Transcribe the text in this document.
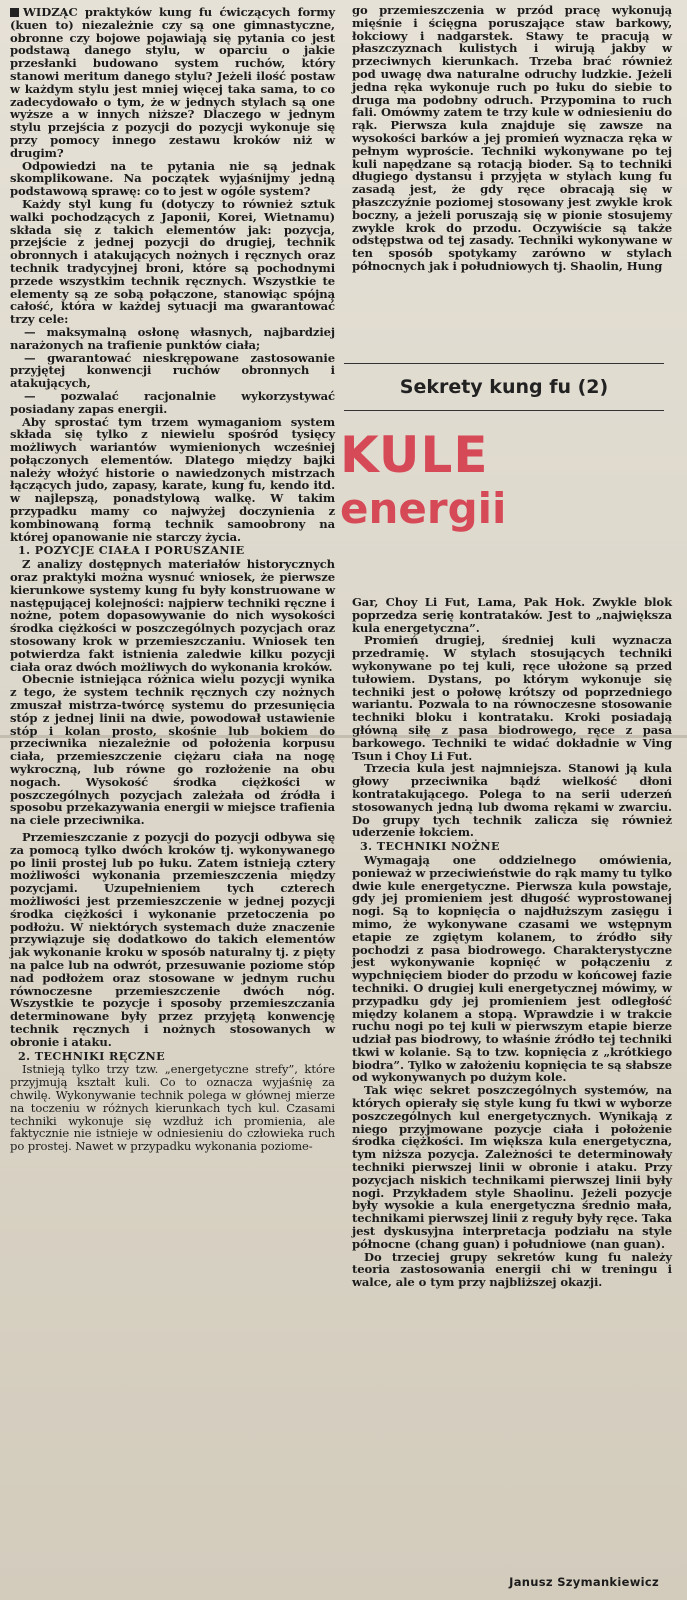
WIDZĄC praktyków kung fu ćwiczących formy (kuen to) niezależnie czy są one gimnastyczne, obronne czy bojowe pojawiają się pytania co jest podstawą danego stylu, w oparciu o jakie przesłanki budowano system ruchów, który stanowi meritum danego stylu? Jeżeli ilość postaw w każdym stylu jest mniej więcej taka sama, to co zadecydowało o tym, że w jednych stylach są one wyższe a w innych niższe? Dlaczego w jednym stylu przejścia z pozycji do pozycji wykonuje się przy pomocy innego zestawu kroków niż w drugim?

Odpowiedzi na te pytania nie są jednak skomplikowane. Na początek wyjaśnijmy jedną podstawową sprawę: co to jest w ogóle system?

Każdy styl kung fu (dotyczy to również sztuk walki pochodzących z Japonii, Korei, Wietnamu) składa się z takich elementów jak: pozycja, przejście z jednej pozycji do drugiej, technik obronnych i atakujących nożnych i ręcznych oraz technik tradycyjnej broni, które są pochodnymi przede wszystkim technik ręcznych. Wszystkie te elementy są ze sobą połączone, stanowiąc spójną całość, która w każdej sytuacji ma gwarantować trzy cele:

— maksymalną osłonę własnych, najbardziej narażonych na trafienie punktów ciała;

— gwarantować nieskrępowane zastosowanie przyjętej konwencji ruchów obronnych i atakujących,

— pozwalać racjonalnie wykorzystywać posiadany zapas energii.

Aby sprostać tym trzem wymaganiom system składa się tylko z niewielu spośród tysięcy możliwych wariantów wymienionych wcześniej połączonych elementów. Dlatego między bajki należy włożyć historie o nawiedzonych mistrzach łączących judo, zapasy, karate, kung fu, kendo itd. w najlepszą, ponadstylową walkę. W takim przypadku mamy co najwyżej doczynienia z kombinowaną formą technik samoobrony na której opanowanie nie starczy życia.

1. POZYCJE CIAŁA I PORUSZANIE

Z analizy dostępnych materiałów historycznych oraz praktyki można wysnuć wniosek, że pierwsze kierunkowe systemy kung fu były konstruowane w następującej kolejności: najpierw techniki ręczne i nożne, potem dopasowywanie do nich wysokości środka ciężkości w poszczególnych pozycjach oraz stosowany krok w przemieszczaniu. Wniosek ten potwierdza fakt istnienia zaledwie kilku pozycji ciała oraz dwóch możliwych do wykonania kroków.

Obecnie istniejąca różnica wielu pozycji wynika z tego, że system technik ręcznych czy nożnych zmuszał mistrza-twórcę systemu do przesunięcia stóp z jednej linii na dwie, powodował ustawienie stóp i kolan prosto, skośnie lub bokiem do przeciwnika niezależnie od położenia korpusu ciała, przemieszczenie ciężaru ciała na nogę wykroczną, lub równe go rozłożenie na obu nogach. Wysokość środka ciężkości w poszczególnych pozycjach zależała od źródła i sposobu przekazywania energii w miejsce trafienia na ciele przeciwnika.

Przemieszczanie z pozycji do pozycji odbywa się za pomocą tylko dwóch kroków tj. wykonywanego po linii prostej lub po łuku. Zatem istnieją cztery możliwości wykonania przemieszczenia między pozycjami. Uzupełnieniem tych czterech możliwości jest przemieszczenie w jednej pozycji środka ciężkości i wykonanie przetoczenia po podłożu. W niektórych systemach duże znaczenie przywiązuje się dodatkowo do takich elementów jak wykonanie kroku w sposób naturalny tj. z pięty na palce lub na odwrót, przesuwanie poziome stóp nad podłożem oraz stosowane w jednym ruchu równoczesne przemieszczenie dwóch nóg. Wszystkie te pozycje i sposoby przemieszczania determinowane były przez przyjętą konwencję technik ręcznych i nożnych stosowanych w obronie i ataku.

2. TECHNIKI RĘCZNE

Istnieją tylko trzy tzw. „energetyczne strefy”, które przyjmują kształt kuli. Co to oznacza wyjaśnię za chwilę. Wykonywanie technik polega w głównej mierze na toczeniu w różnych kierunkach tych kul. Czasami techniki wykonuje się wzdłuż ich promienia, ale faktycznie nie istnieje w odniesieniu do człowieka ruch po prostej. Nawet w przypadku wykonania poziome-

go przemieszczenia w przód pracę wykonują mięśnie i ścięgna poruszające staw barkowy, łokciowy i nadgarstek. Stawy te pracują w płaszczyznach kulistych i wirują jakby w przeciwnych kierunkach. Trzeba brać również pod uwagę dwa naturalne odruchy ludzkie. Jeżeli jedna ręka wykonuje ruch po łuku do siebie to druga ma podobny odruch. Przypomina to ruch fali. Omówmy zatem te trzy kule w odniesieniu do rąk. Pierwsza kula znajduje się zawsze na wysokości barków a jej promień wyznacza ręka w pełnym wyproście. Techniki wykonywane po tej kuli napędzane są rotacją bioder. Są to techniki długiego dystansu i przyjęta w stylach kung fu zasadą jest, że gdy ręce obracają się w płaszczyźnie poziomej stosowany jest zwykle krok boczny, a jeżeli poruszają się w pionie stosujemy zwykle krok do przodu. Oczywiście są także odstępstwa od tej zasady. Techniki wykonywane w ten sposób spotykamy zarówno w stylach północnych jak i południowych tj. Shaolin, Hung

Sekrety kung fu (2)
KULE
energii

Gar, Choy Li Fut, Lama, Pak Hok. Zwykle blok poprzedza serię kontrataków. Jest to „największa kula energetyczna”.

Promień drugiej, średniej kuli wyznacza przedramię. W stylach stosujących techniki wykonywane po tej kuli, ręce ułożone są przed tułowiem. Dystans, po którym wykonuje się techniki jest o połowę krótszy od poprzedniego wariantu. Pozwala to na równoczesne stosowanie techniki bloku i kontrataku. Kroki posiadają główną siłę z pasa biodrowego, ręce z pasa barkowego. Techniki te widać dokładnie w Ving Tsun i Choy Li Fut.

Trzecia kula jest najmniejsza. Stanowi ją kula głowy przeciwnika bądź wielkość dłoni kontratakującego. Polega to na serii uderzeń stosowanych jedną lub dwoma rękami w zwarciu. Do grupy tych technik zalicza się również uderzenie łokciem.

3. TECHNIKI NOŻNE

Wymagają one oddzielnego omówienia, ponieważ w przeciwieństwie do rąk mamy tu tylko dwie kule energetyczne. Pierwsza kula powstaje, gdy jej promieniem jest długość wyprostowanej nogi. Są to kopnięcia o najdłuższym zasięgu i mimo, że wykonywane czasami we wstępnym etapie ze zgiętym kolanem, to źródło siły pochodzi z pasa biodrowego. Charakterystyczne jest wykonywanie kopnięć w połączeniu z wypchnięciem bioder do przodu w końcowej fazie techniki. O drugiej kuli energetycznej mówimy, w przypadku gdy jej promieniem jest odległość między kolanem a stopą. Wprawdzie i w trakcie ruchu nogi po tej kuli w pierwszym etapie bierze udział pas biodrowy, to właśnie źródło tej techniki tkwi w kolanie. Są to tzw. kopnięcia z „krótkiego biodra”. Tylko w założeniu kopnięcia te są słabsze od wykonywanych po dużym kole.

Tak więc sekret poszczególnych systemów, na których opierały się style kung fu tkwi w wyborze poszczególnych kul energetycznych. Wynikają z niego przyjmowane pozycje ciała i położenie środka ciężkości. Im większa kula energetyczna, tym niższa pozycja. Zależności te determinowały techniki pierwszej linii w obronie i ataku. Przy pozycjach niskich technikami pierwszej linii były nogi. Przykładem style Shaolinu. Jeżeli pozycje były wysokie a kula energetyczna średnio mała, technikami pierwszej linii z reguły były ręce. Taka jest dyskusyjna interpretacja podziału na style północne (chang guan) i południowe (nan guan).

Do trzeciej grupy sekretów kung fu należy teoria zastosowania energii chi w treningu i walce, ale o tym przy najbliższej okazji.

Janusz Szymankiewicz
